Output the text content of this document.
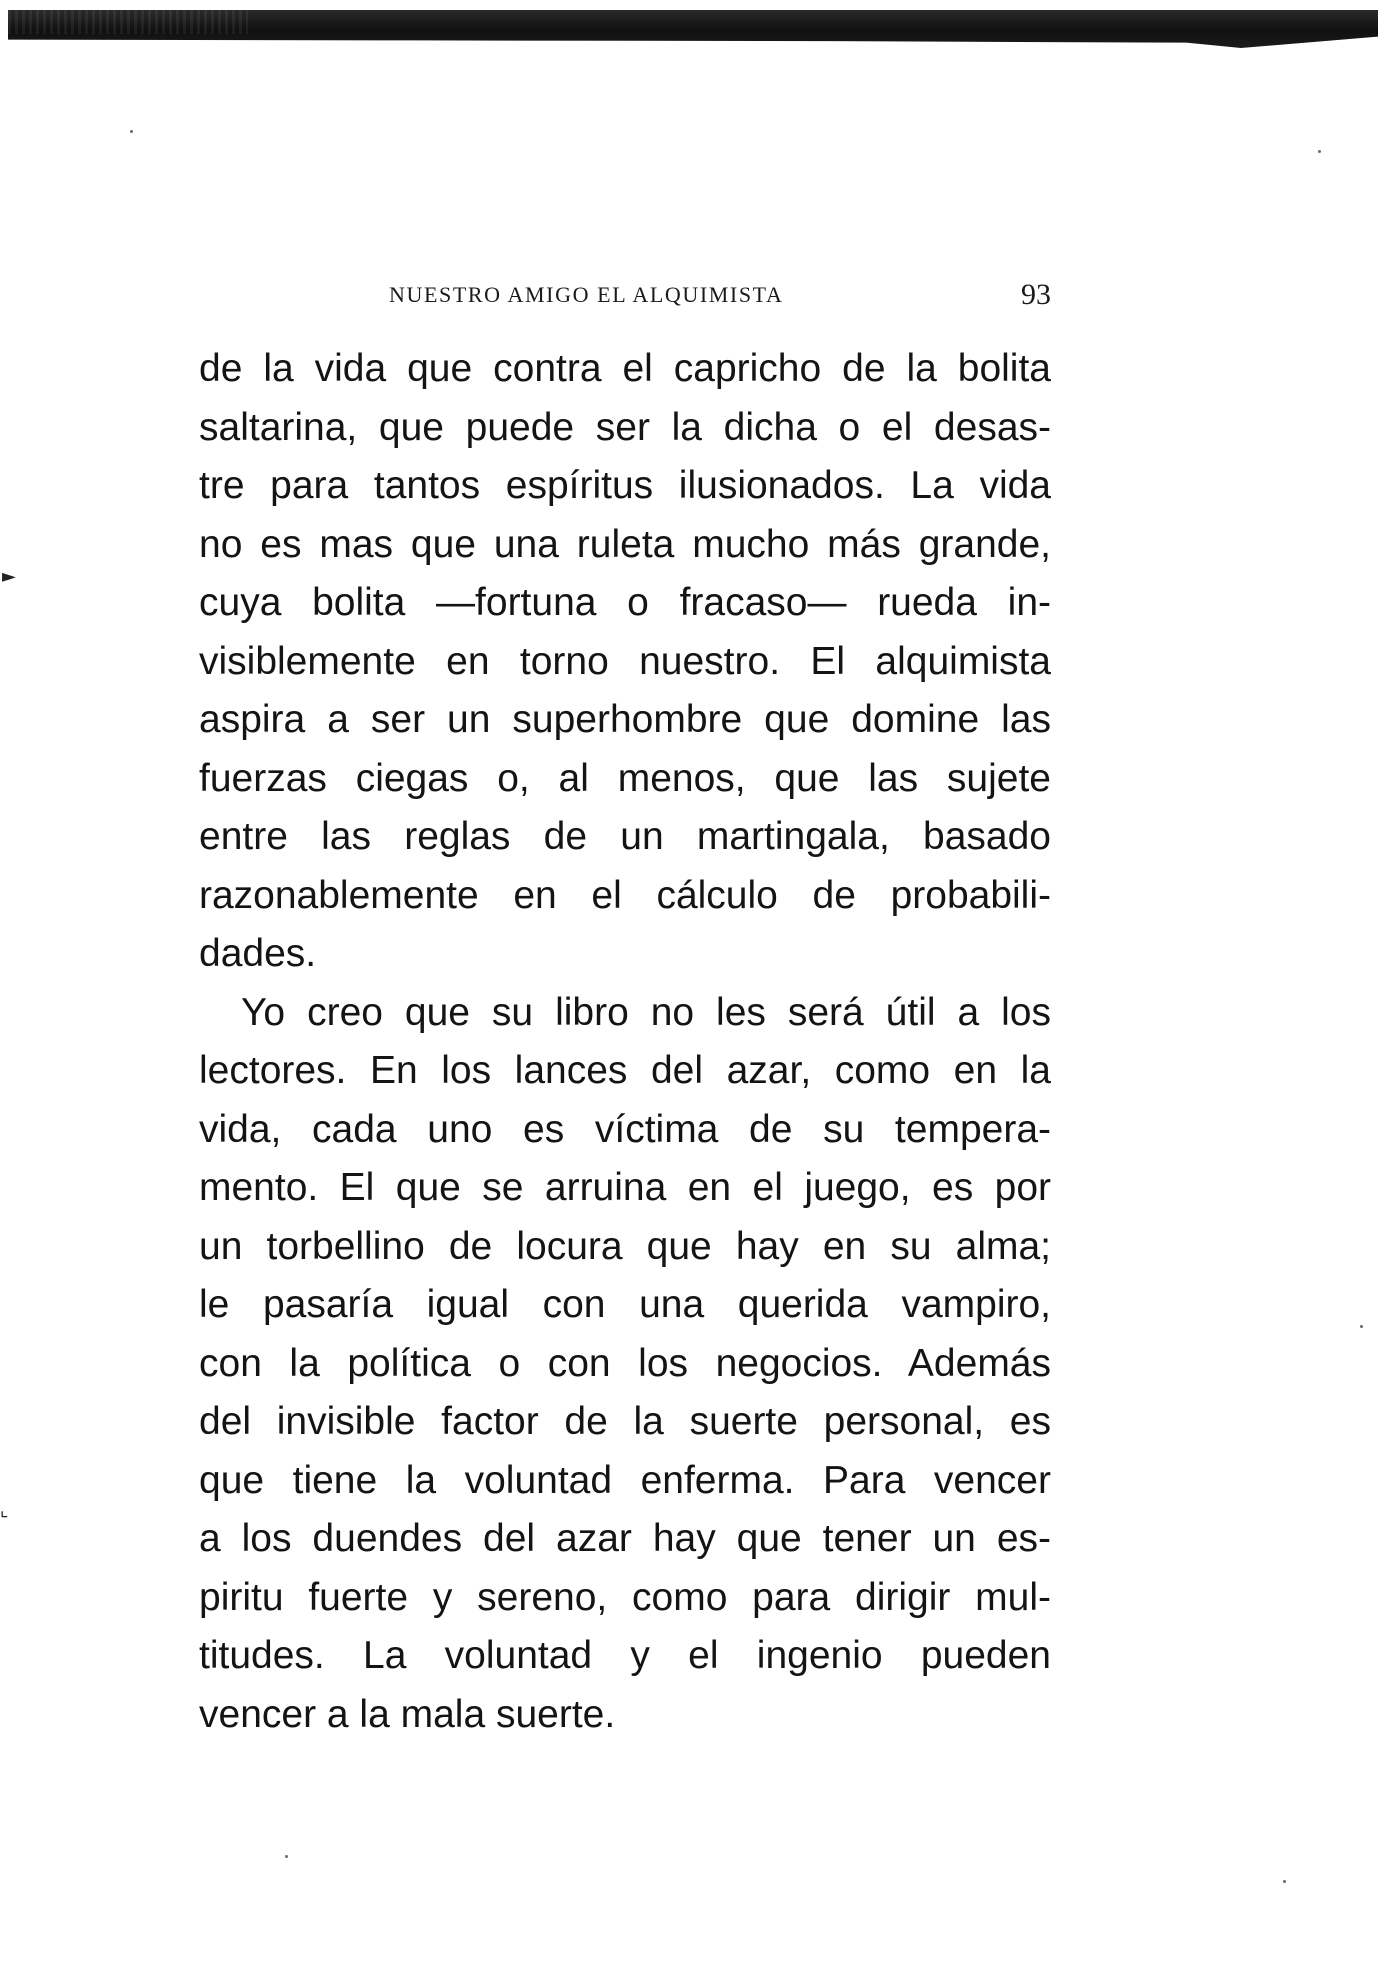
►
⌞
NUESTRO AMIGO EL ALQUIMISTA	93

de la vida que contra el capricho de la bolita
saltarina, que puede ser la dicha o el desas-
tre para tantos espíritus ilusionados. La vida
no es mas que una ruleta mucho más grande,
cuya bolita —fortuna o fracaso— rueda in-
visiblemente en torno nuestro. El alquimista
aspira a ser un superhombre que domine las
fuerzas ciegas o, al menos, que las sujete
entre las reglas de un martingala, basado
razonablemente en el cálculo de probabili-
dades.

Yo creo que su libro no les será útil a los
lectores. En los lances del azar, como en la
vida, cada uno es víctima de su tempera-
mento. El que se arruina en el juego, es por
un torbellino de locura que hay en su alma;
le pasaría igual con una querida vampiro,
con la política o con los negocios. Además
del invisible factor de la suerte personal, es
que tiene la voluntad enferma. Para vencer
a los duendes del azar hay que tener un es-
piritu fuerte y sereno, como para dirigir mul-
titudes. La voluntad y el ingenio pueden
vencer a la mala suerte.
